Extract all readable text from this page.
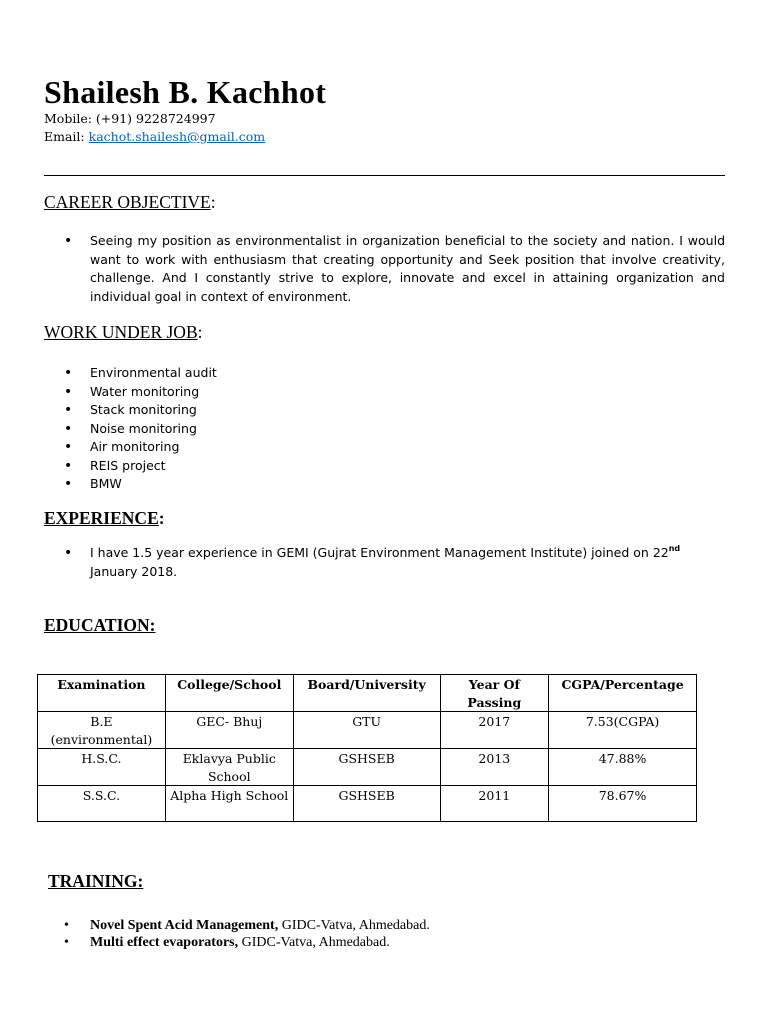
Shailesh B. Kachhot
Mobile: (+91) 9228724997
Email: kachot.shailesh@gmail.com
CAREER OBJECTIVE:
• Seeing my position as environmentalist in organization beneficial to the society and nation. I would want to work with enthusiasm that creating opportunity and Seek position that involve creativity, challenge. And I constantly strive to explore, innovate and excel in attaining organization and individual goal in context of environment.
WORK UNDER JOB:
• Environmental audit
• Water monitoring
• Stack monitoring
• Noise monitoring
• Air monitoring
• REIS project
• BMW
EXPERIENCE:
• I have 1.5 year experience in GEMI (Gujrat Environment Management Institute) joined on 22nd January 2018.
EDUCATION:
Examination	College/School	Board/University	Year Of Passing	CGPA/Percentage
B.E (environmental)	GEC- Bhuj	GTU	2017	7.53(CGPA)
H.S.C.	Eklavya Public School	GSHSEB	2013	47.88%
S.S.C.	Alpha High School	GSHSEB	2011	78.67%
TRAINING:
• Novel Spent Acid Management, GIDC-Vatva, Ahmedabad.
• Multi effect evaporators, GIDC-Vatva, Ahmedabad.
